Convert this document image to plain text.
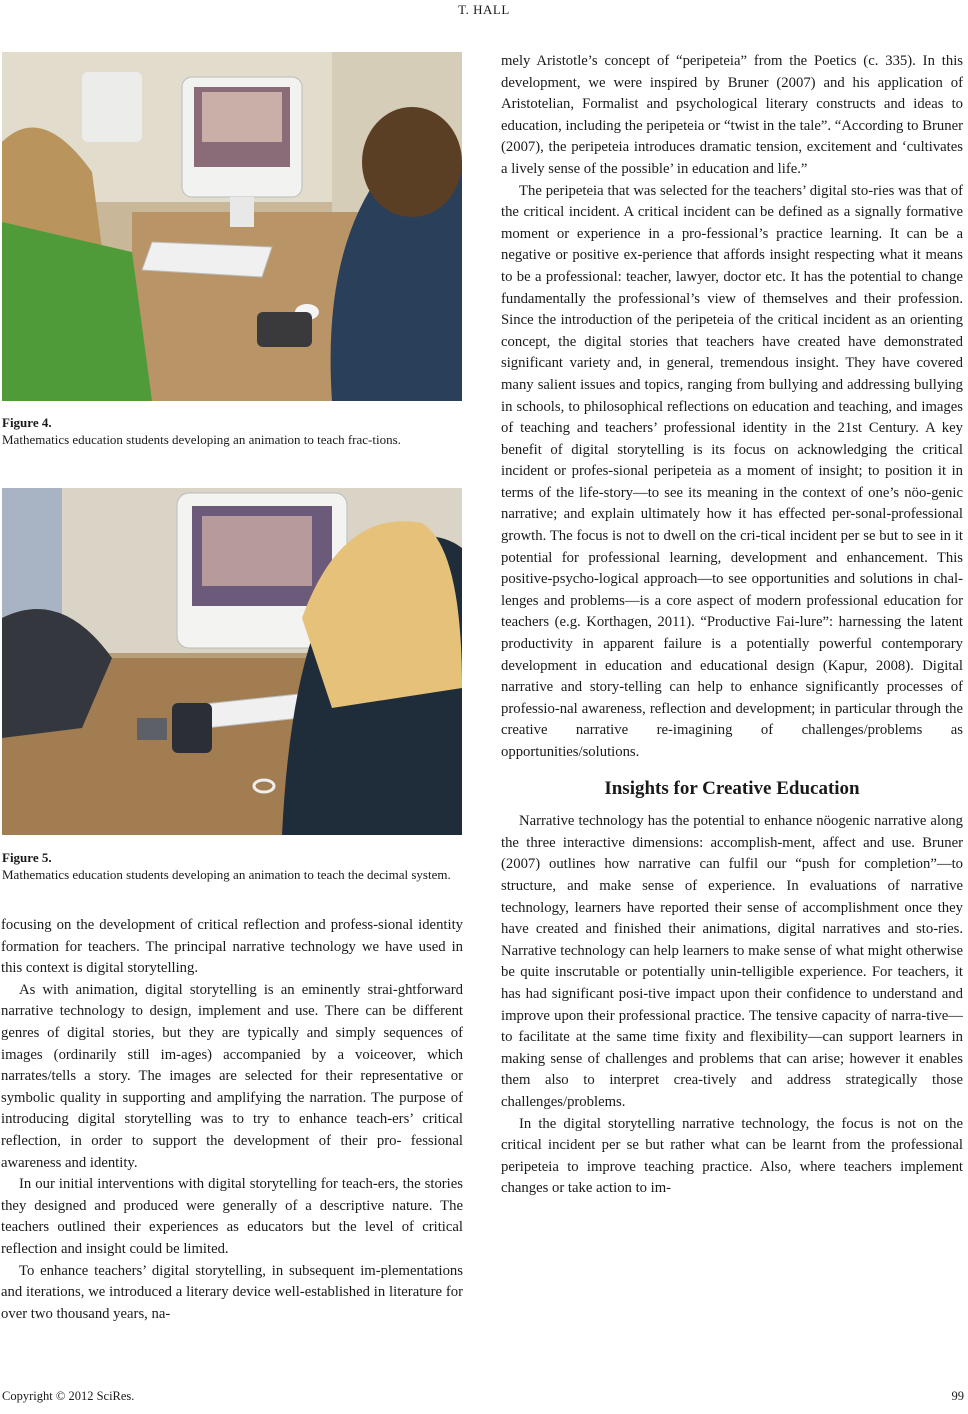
T. HALL
Figure 4.
Mathematics education students developing an animation to teach frac-tions.
Figure 5.
Mathematics education students developing an animation to teach the decimal system.

focusing on the development of critical reflection and profess-sional identity formation for teachers. The principal narrative technology we have used in this context is digital storytelling.

As with animation, digital storytelling is an eminently strai-ghtforward narrative technology to design, implement and use. There can be different genres of digital stories, but they are typically and simply sequences of images (ordinarily still im-ages) accompanied by a voiceover, which narrates/tells a story. The images are selected for their representative or symbolic quality in supporting and amplifying the narration. The purpose of introducing digital storytelling was to try to enhance teach-ers’ critical reflection, in order to support the development of their pro- fessional awareness and identity.

In our initial interventions with digital storytelling for teach-ers, the stories they designed and produced were generally of a descriptive nature. The teachers outlined their experiences as educators but the level of critical reflection and insight could be limited.

To enhance teachers’ digital storytelling, in subsequent im-plementations and iterations, we introduced a literary device well-established in literature for over two thousand years, na-

mely Aristotle’s concept of “peripeteia” from the Poetics (c. 335). In this development, we were inspired by Bruner (2007) and his application of Aristotelian, Formalist and psychological literary constructs and ideas to education, including the peripeteia or “twist in the tale”. “According to Bruner (2007), the peripeteia introduces dramatic tension, excitement and ‘cultivates a lively sense of the possible’ in education and life.”

The peripeteia that was selected for the teachers’ digital sto-ries was that of the critical incident. A critical incident can be defined as a signally formative moment or experience in a pro-fessional’s practice learning. It can be a negative or positive ex-perience that affords insight respecting what it means to be a professional: teacher, lawyer, doctor etc. It has the potential to change fundamentally the professional’s view of themselves and their profession. Since the introduction of the peripeteia of the critical incident as an orienting concept, the digital stories that teachers have created have demonstrated significant variety and, in general, tremendous insight. They have covered many salient issues and topics, ranging from bullying and addressing bullying in schools, to philosophical reflections on education and teaching, and images of teaching and teachers’ professional identity in the 21st Century. A key benefit of digital storytelling is its focus on acknowledging the critical incident or profes-sional peripeteia as a moment of insight; to position it in terms of the life-story—to see its meaning in the context of one’s nöo-genic narrative; and explain ultimately how it has effected per-sonal-professional growth. The focus is not to dwell on the cri-tical incident per se but to see in it potential for professional learning, development and enhancement. This positive-psycho-logical approach—to see opportunities and solutions in chal-lenges and problems—is a core aspect of modern professional education for teachers (e.g. Korthagen, 2011). “Productive Fai-lure”: harnessing the latent productivity in apparent failure is a potentially powerful contemporary development in education and educational design (Kapur, 2008). Digital narrative and story-telling can help to enhance significantly processes of professio-nal awareness, reflection and development; in particular through the creative narrative re-imagining of challenges/problems as opportunities/solutions.

Insights for Creative Education

Narrative technology has the potential to enhance nöogenic narrative along the three interactive dimensions: accomplish-ment, affect and use. Bruner (2007) outlines how narrative can fulfil our “push for completion”—to structure, and make sense of experience. In evaluations of narrative technology, learners have reported their sense of accomplishment once they have created and finished their animations, digital narratives and sto-ries. Narrative technology can help learners to make sense of what might otherwise be quite inscrutable or potentially unin-telligible experience. For teachers, it has had significant posi-tive impact upon their confidence to understand and improve upon their professional practice. The tensive capacity of narra-tive—to facilitate at the same time fixity and flexibility—can support learners in making sense of challenges and problems that can arise; however it enables them also to interpret crea-tively and address strategically those challenges/problems.

In the digital storytelling narrative technology, the focus is not on the critical incident per se but rather what can be learnt from the professional peripeteia to improve teaching practice. Also, where teachers implement changes or take action to im-

Copyright © 2012 SciRes.	99
